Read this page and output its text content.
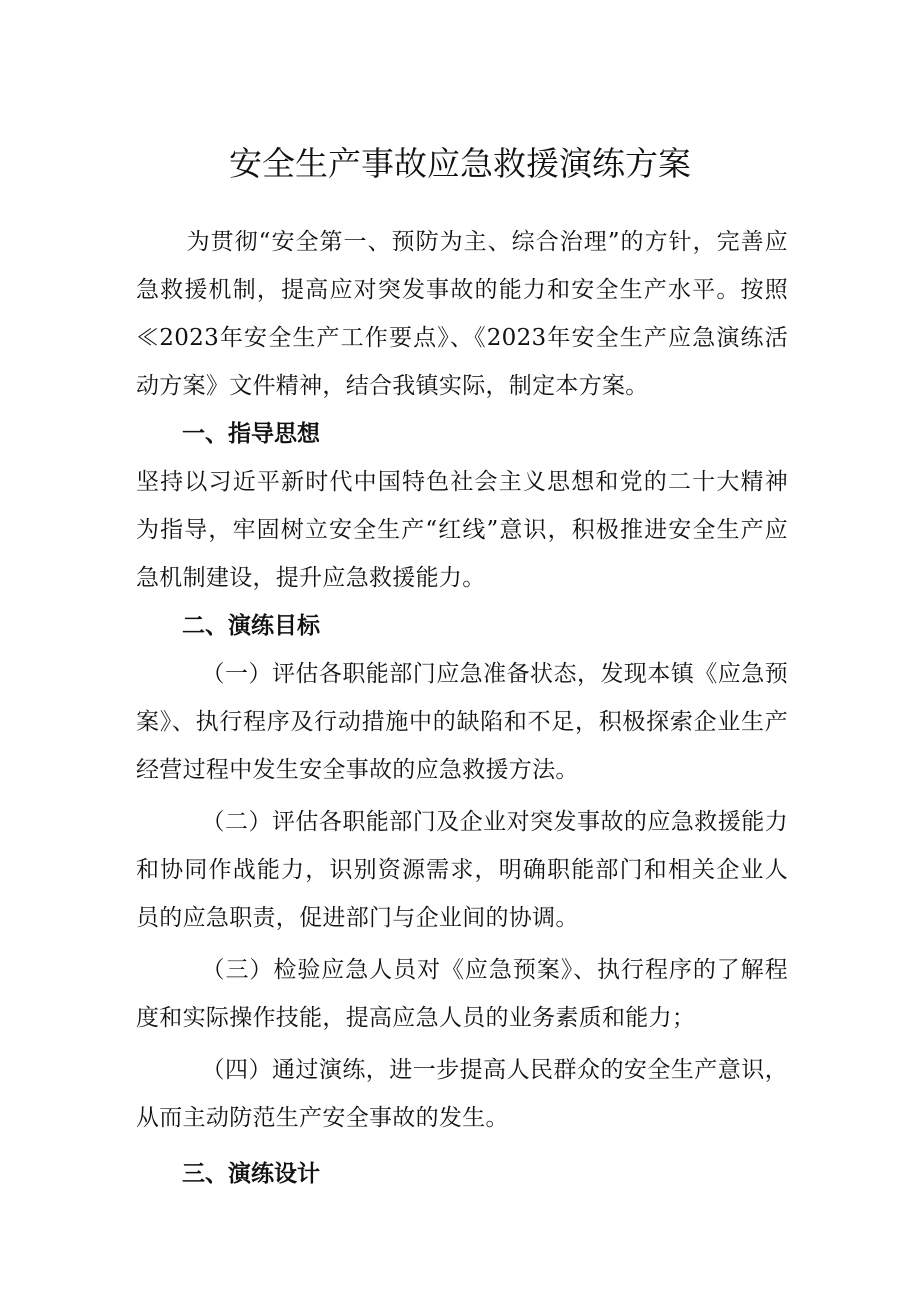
安全生产事故应急救援演练方案

为贯彻“安全第一、预防为主、综合治理”的方针，完善应急救援机制，提高应对突发事故的能力和安全生产水平。按照≪2023年安全生产工作要点》、《2023年安全生产应急演练活动方案》文件精神，结合我镇实际，制定本方案。

一、指导思想

坚持以习近平新时代中国特色社会主义思想和党的二十大精神为指导，牢固树立安全生产“红线”意识，积极推进安全生产应急机制建设，提升应急救援能力。

二、演练目标

（一）评估各职能部门应急准备状态，发现本镇《应急预案》、执行程序及行动措施中的缺陷和不足，积极探索企业生产经营过程中发生安全事故的应急救援方法。

（二）评估各职能部门及企业对突发事故的应急救援能力和协同作战能力，识别资源需求，明确职能部门和相关企业人员的应急职责，促进部门与企业间的协调。

（三）检验应急人员对《应急预案》、执行程序的了解程度和实际操作技能，提高应急人员的业务素质和能力；

（四）通过演练，进一步提高人民群众的安全生产意识，从而主动防范生产安全事故的发生。

三、演练设计
